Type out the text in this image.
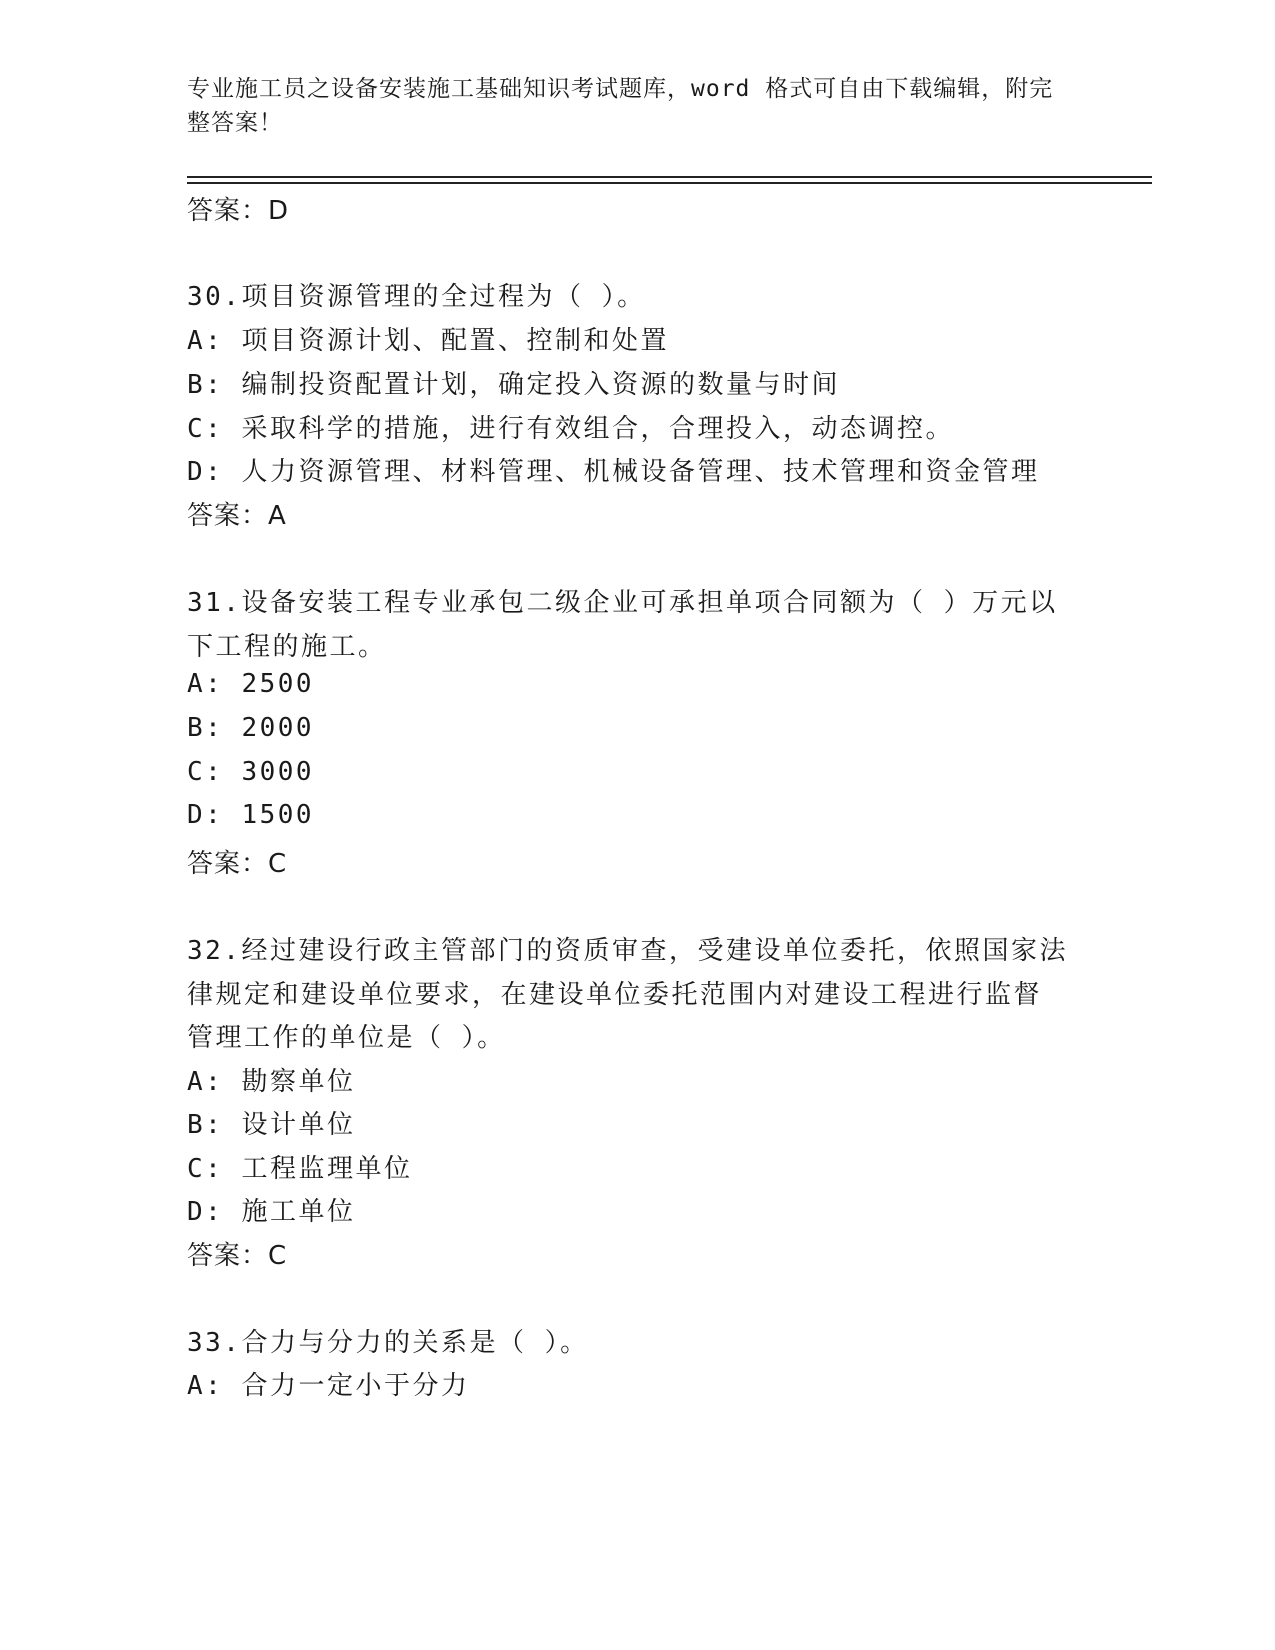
专业施工员之设备安装施工基础知识考试题库，word 格式可自由下载编辑，附完整答案！
答案：D
30.项目资源管理的全过程为（ ）。
A: 项目资源计划、配置、控制和处置
B: 编制投资配置计划，确定投入资源的数量与时间
C: 采取科学的措施，进行有效组合，合理投入，动态调控。
D: 人力资源管理、材料管理、机械设备管理、技术管理和资金管理
答案：A
31.设备安装工程专业承包二级企业可承担单项合同额为（ ）万元以
下工程的施工。
A: 2500
B: 2000
C: 3000
D: 1500
答案：C
32.经过建设行政主管部门的资质审查，受建设单位委托，依照国家法
律规定和建设单位要求，在建设单位委托范围内对建设工程进行监督
管理工作的单位是（ ）。
A: 勘察单位
B: 设计单位
C: 工程监理单位
D: 施工单位
答案：C
33.合力与分力的关系是（ ）。
A: 合力一定小于分力
